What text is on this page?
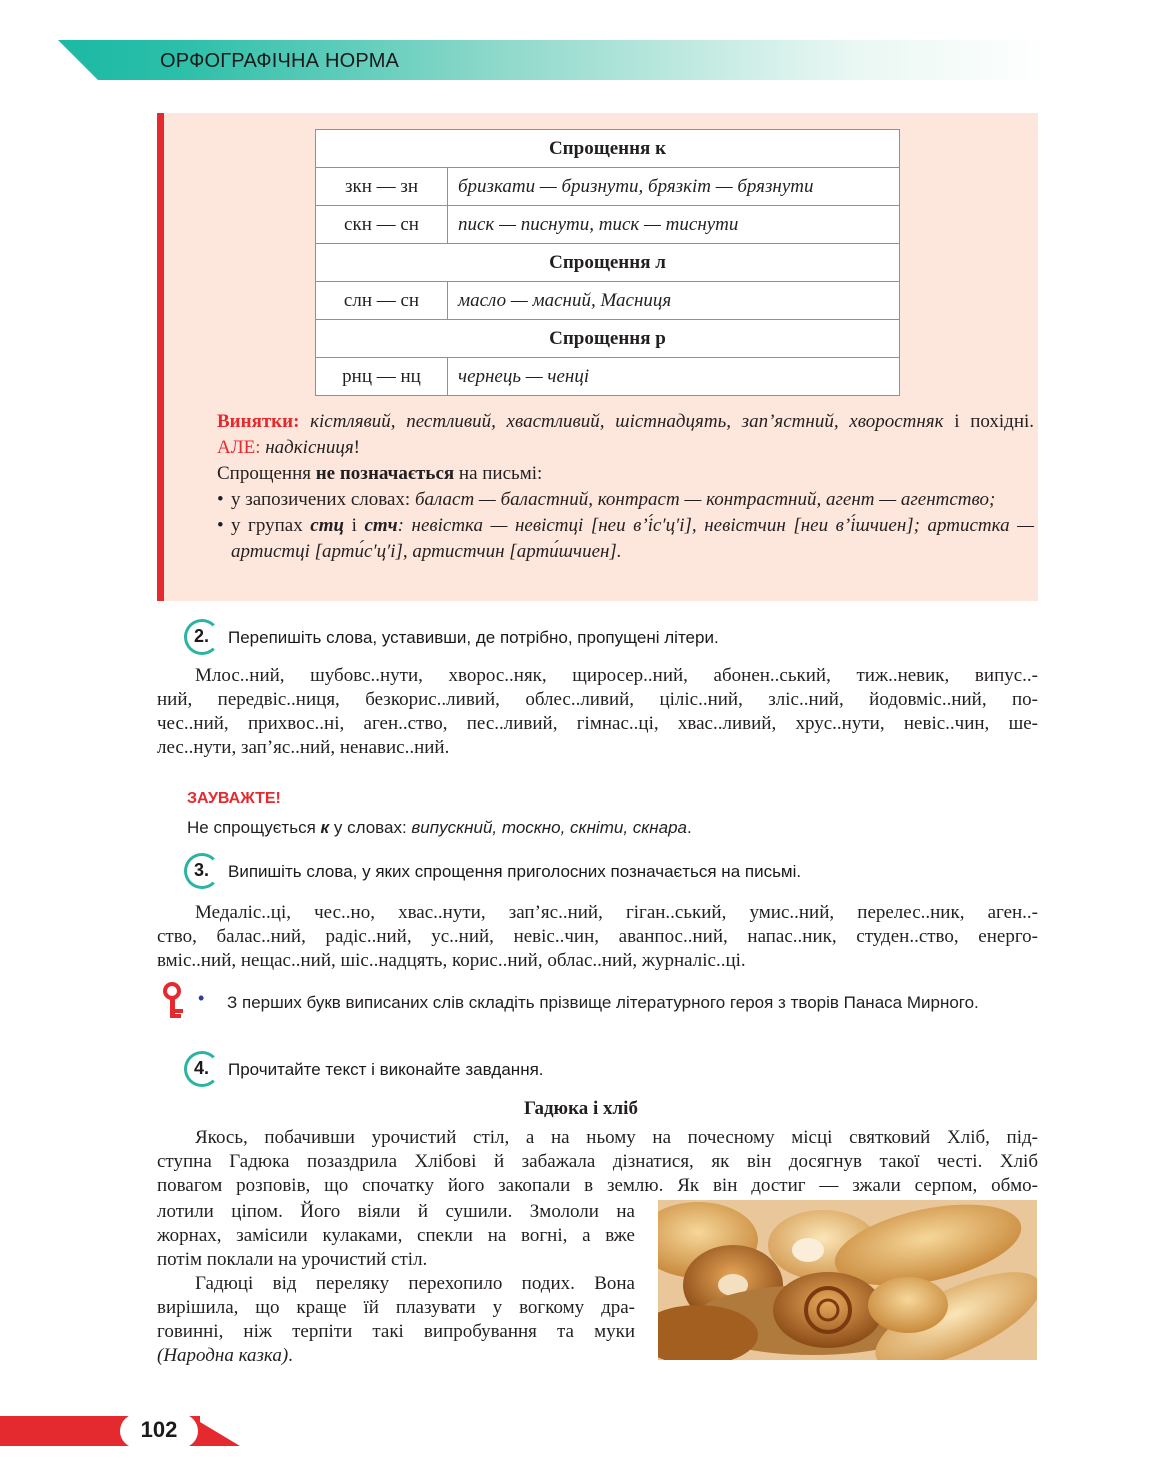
ОРФОГРАФІЧНА НОРМА
Спрощення к	
зкн — зн	бризкати — бризнути, брязкіт — брязнути
скн — сн	писк — писнути, тиск — тиснути
Спрощення л	
слн — сн	масло — масний, Масниця
Спрощення р	
рнц — нц	чернець — ченці

Винятки: кістлявий, пестливий, хвастливий, шістнадцять, зап’ястний, хворостняк і похідні. АЛЕ: надкісниця!

Спрощення не позначається на письмі:

• у запозичених словах: баласт — баластний, контраст — контрастний, агент — агентство;

• у групах стц і стч: невістка — невістці [неи в’і́с′ц′і], невістчин [неи в’і́шчиен]; артистка — артистці [арти́с′ц′і], артистчин [арти́шчиен].

2. Перепишіть слова, уставивши, де потрібно, пропущені літери.
Млос..ний, шубовс..нути, хворос..няк, щиросер..ний, абонен..ський, тиж..невик, випус..-
ний, передвіс..ниця, безкорис..ливий, облес..ливий, ціліс..ний, зліс..ний, йодовміс..ний, по-
чес..ний, прихвос..ні, аген..ство, пес..ливий, гімнас..ці, хвас..ливий, хрус..нути, невіс..чин, ше-
лес..нути, зап’яс..ний, ненавис..ний.
ЗАУВАЖТЕ!
Не спрощується к у словах: випускний, тоскно, скніти, скнара.
3. Випишіть слова, у яких спрощення приголосних позначається на письмі.
Медаліс..ці, чес..но, хвас..нути, зап’яс..ний, гіган..ський, умис..ний, перелес..ник, аген..-
ство, балас..ний, радіс..ний, ус..ний, невіс..чин, аванпос..ний, напас..ник, студен..ство, енерго-
вміс..ний, нещас..ний, шіс..надцять, корис..ний, облас..ний, журналіс..ці.
• З перших букв виписаних слів складіть прізвище літературного героя з творів Панаса Мирного.
4. Прочитайте текст і виконайте завдання.
Гадюка і хліб
Якось, побачивши урочистий стіл, а на ньому на почесному місці святковий Хліб, під-
ступна Гадюка позаздрила Хлібові й забажала дізнатися, як він досягнув такої честі. Хліб
повагом розповів, що спочатку його закопали в землю. Як він достиг — зжали серпом, обмо-
лотили ціпом. Його віяли й сушили. Змололи на
жорнах, замісили кулаками, спекли на вогні, а вже
потім поклали на урочистий стіл.
Гадюці від переляку перехопило подих. Вона
вирішила, що краще їй плазувати у вогкому дра-
говинні, ніж терпіти такі випробування та муки
(Народна казка).
102
